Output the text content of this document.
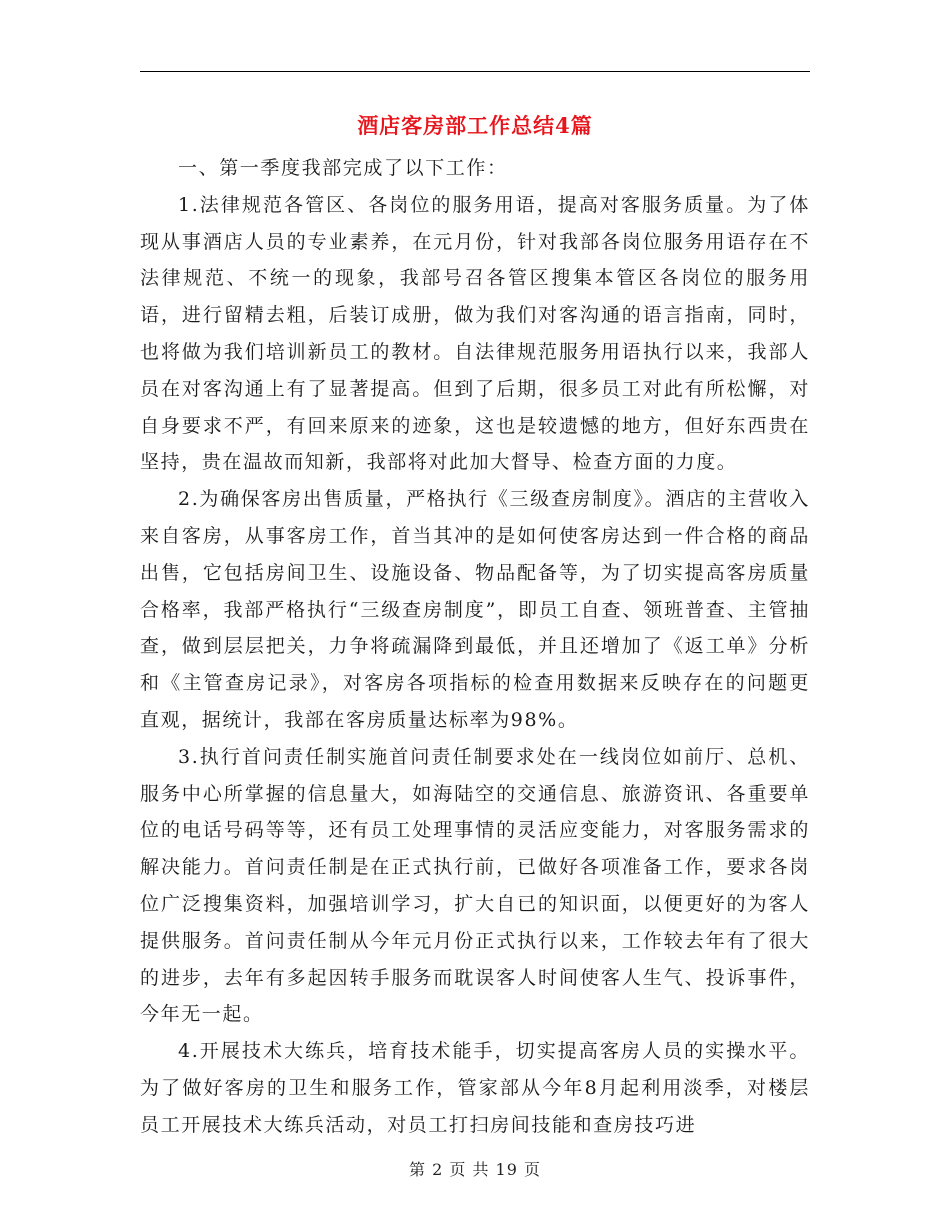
酒店客房部工作总结4篇

一、第一季度我部完成了以下工作：

1.法律规范各管区、各岗位的服务用语，提高对客服务质量。为了体现从事酒店人员的专业素养，在元月份，针对我部各岗位服务用语存在不法律规范、不统一的现象，我部号召各管区搜集本管区各岗位的服务用语，进行留精去粗，后装订成册，做为我们对客沟通的语言指南，同时，也将做为我们培训新员工的教材。自法律规范服务用语执行以来，我部人员在对客沟通上有了显著提高。但到了后期，很多员工对此有所松懈，对自身要求不严，有回来原来的迹象，这也是较遗憾的地方，但好东西贵在坚持，贵在温故而知新，我部将对此加大督导、检查方面的力度。

2.为确保客房出售质量，严格执行《三级查房制度》。酒店的主营收入来自客房，从事客房工作，首当其冲的是如何使客房达到一件合格的商品出售，它包括房间卫生、设施设备、物品配备等，为了切实提高客房质量合格率，我部严格执行“三级查房制度”，即员工自查、领班普查、主管抽查，做到层层把关，力争将疏漏降到最低，并且还增加了《返工单》分析和《主管查房记录》，对客房各项指标的检查用数据来反映存在的问题更直观，据统计，我部在客房质量达标率为98%。

3.执行首问责任制实施首问责任制要求处在一线岗位如前厅、总机、服务中心所掌握的信息量大，如海陆空的交通信息、旅游资讯、各重要单位的电话号码等等，还有员工处理事情的灵活应变能力，对客服务需求的解决能力。首问责任制是在正式执行前，已做好各项准备工作，要求各岗位广泛搜集资料，加强培训学习，扩大自已的知识面，以便更好的为客人提供服务。首问责任制从今年元月份正式执行以来，工作较去年有了很大的进步，去年有多起因转手服务而耽误客人时间使客人生气、投诉事件，今年无一起。

4.开展技术大练兵，培育技术能手，切实提高客房人员的实操水平。为了做好客房的卫生和服务工作，管家部从今年8月起利用淡季，对楼层员工开展技术大练兵活动，对员工打扫房间技能和查房技巧进

第 2 页 共 19 页
